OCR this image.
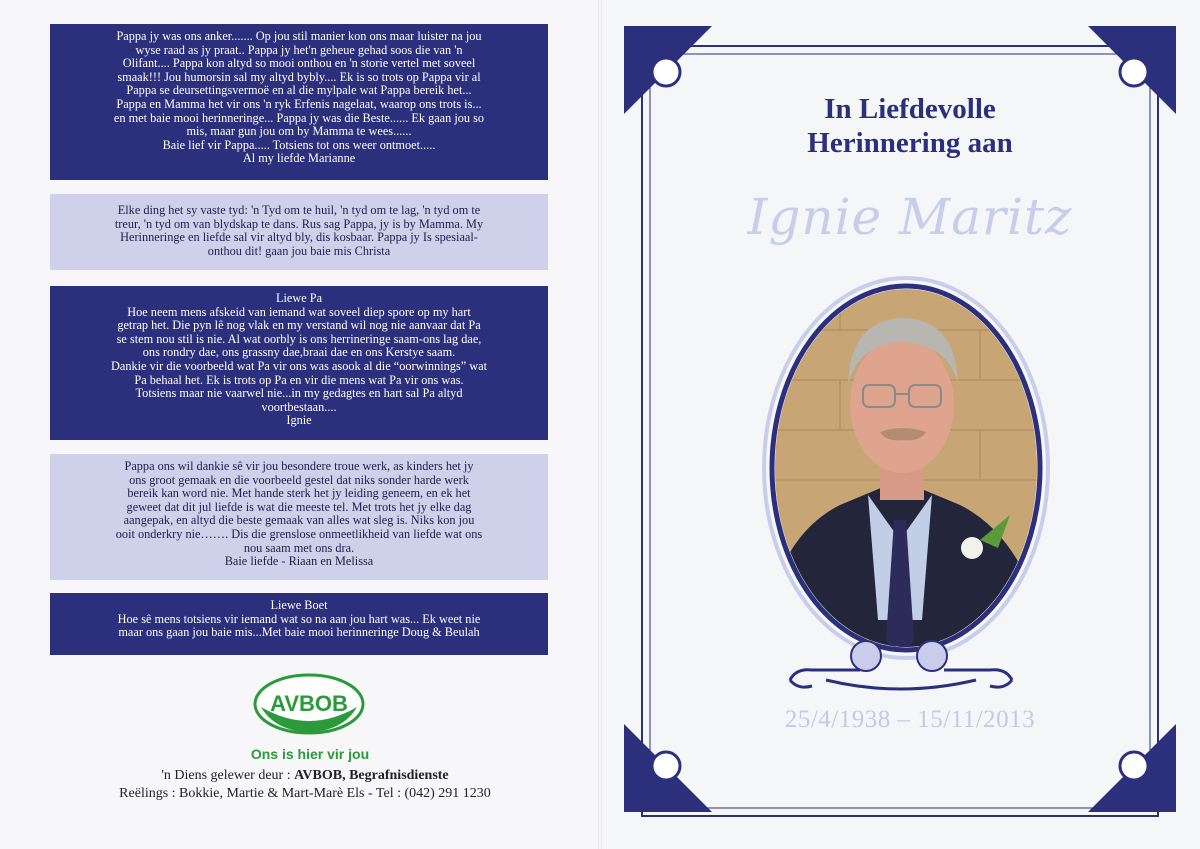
Pappa jy was ons anker....... Op jou stil manier kon ons maar luister na jou
wyse raad as jy praat.. Pappa jy het'n geheue gehad soos die van 'n
Olifant.... Pappa kon altyd so mooi onthou en 'n storie vertel met soveel
smaak!!! Jou humorsin sal my altyd bybly.... Ek is so trots op Pappa vir al
Pappa se deursettingsvermoë en al die mylpale wat Pappa bereik het...
Pappa en Mamma het vir ons 'n ryk Erfenis nagelaat, waarop ons trots is...
en met baie mooi herinneringe... Pappa jy was die Beste...... Ek gaan jou so
mis, maar gun jou om by Mamma te wees......
Baie lief vir Pappa..... Totsiens tot ons weer ontmoet.....
Al my liefde Marianne
Elke ding het sy vaste tyd: 'n Tyd om te huil, 'n tyd om te lag, 'n tyd om te
treur, 'n tyd om van blydskap te dans. Rus sag Pappa, jy is by Mamma. My
Herinneringe en liefde sal vir altyd bly, dis kosbaar. Pappa jy Is spesiaal-
onthou dit! gaan jou baie mis Christa
Liewe Pa
Hoe neem mens afskeid van iemand wat soveel diep spore op my hart
getrap het. Die pyn lê nog vlak en my verstand wil nog nie aanvaar dat Pa
se stem nou stil is nie. Al wat oorbly is ons herrineringe saam-ons lag dae,
ons rondry dae, ons grassny dae,braai dae en ons Kerstye saam.
Dankie vir die voorbeeld wat Pa vir ons was asook al die “oorwinnings” wat
Pa behaal het. Ek is trots op Pa en vir die mens wat Pa vir ons was.
Totsiens maar nie vaarwel nie...in my gedagtes en hart sal Pa altyd
voortbestaan....
Ignie
Pappa ons wil dankie sê vir jou besondere troue werk, as kinders het jy
ons groot gemaak en die voorbeeld gestel dat niks sonder harde werk
bereik kan word nie. Met hande sterk het jy leiding geneem, en ek het
geweet dat dit jul liefde is wat die meeste tel. Met trots het jy elke dag
aangepak, en altyd die beste gemaak van alles wat sleg is. Niks kon jou
ooit onderkry nie……. Dis die grenslose onmeetlikheid van liefde wat ons
nou saam met ons dra.
Baie liefde - Riaan en Melissa
Liewe Boet
Hoe sê mens totsiens vir iemand wat so na aan jou hart was... Ek weet nie
maar ons gaan jou baie mis...Met baie mooi herinneringe Doug & Beulah
AVBOB
Ons is hier vir jou
'n Diens gelewer deur : AVBOB, Begrafnisdienste
Reëlings : Bokkie, Martie & Mart-Marè Els - Tel : (042) 291 1230
In Liefdevolle
Herinnering aan
Ignie Maritz
25/4/1938 – 15/11/2013
